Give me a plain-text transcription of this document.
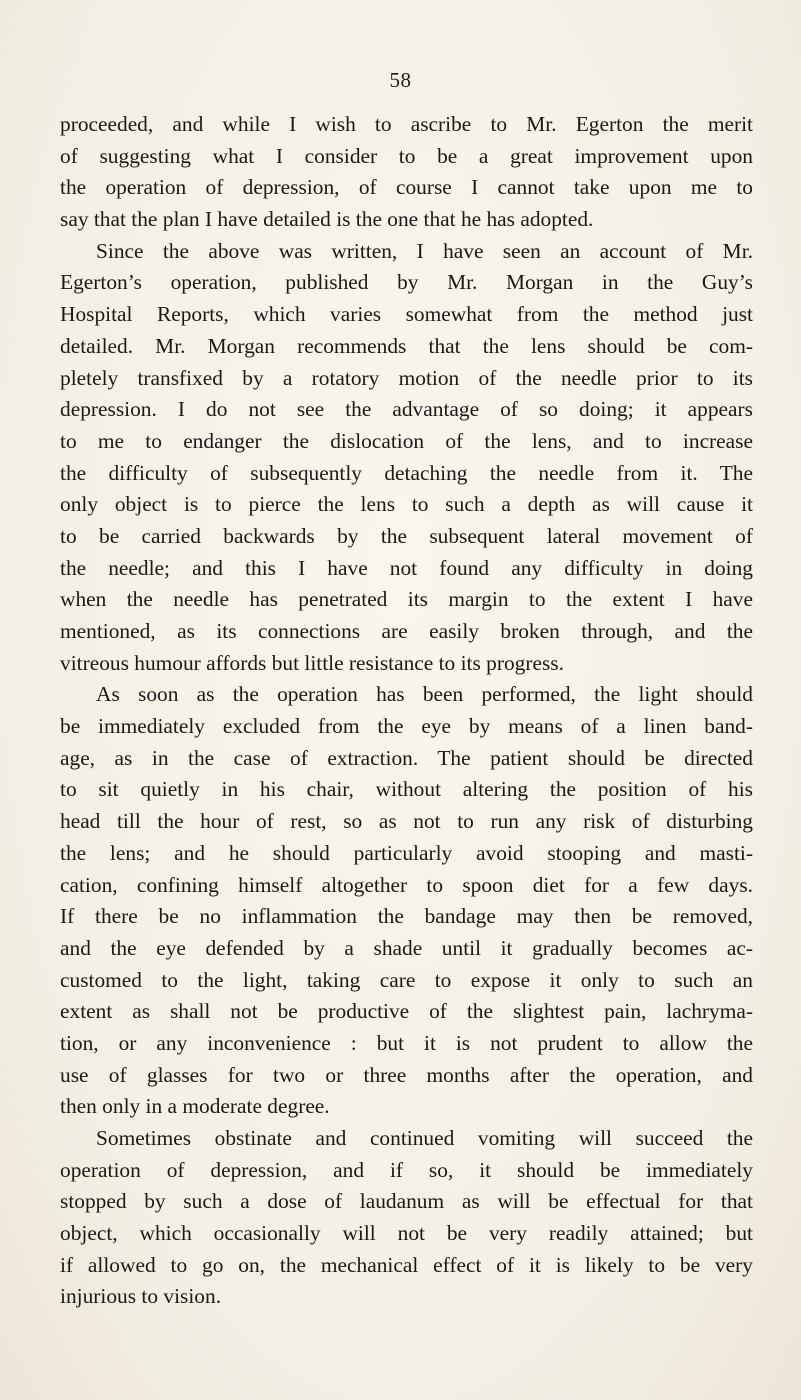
58
proceeded, and while I wish to ascribe to Mr. Egerton the merit
of suggesting what I consider to be a great improvement upon
the operation of depression, of course I cannot take upon me to
say that the plan I have detailed is the one that he has adopted.
Since the above was written, I have seen an account of Mr.
Egerton’s operation, published by Mr. Morgan in the Guy’s
Hospital Reports, which varies somewhat from the method just
detailed. Mr. Morgan recommends that the lens should be com-
pletely transfixed by a rotatory motion of the needle prior to its
depression. I do not see the advantage of so doing; it appears
to me to endanger the dislocation of the lens, and to increase
the difficulty of subsequently detaching the needle from it. The
only object is to pierce the lens to such a depth as will cause it
to be carried backwards by the subsequent lateral movement of
the needle; and this I have not found any difficulty in doing
when the needle has penetrated its margin to the extent I have
mentioned, as its connections are easily broken through, and the
vitreous humour affords but little resistance to its progress.
As soon as the operation has been performed, the light should
be immediately excluded from the eye by means of a linen band-
age, as in the case of extraction. The patient should be directed
to sit quietly in his chair, without altering the position of his
head till the hour of rest, so as not to run any risk of disturbing
the lens; and he should particularly avoid stooping and masti-
cation, confining himself altogether to spoon diet for a few days.
If there be no inflammation the bandage may then be removed,
and the eye defended by a shade until it gradually becomes ac-
customed to the light, taking care to expose it only to such an
extent as shall not be productive of the slightest pain, lachryma-
tion, or any inconvenience : but it is not prudent to allow the
use of glasses for two or three months after the operation, and
then only in a moderate degree.
Sometimes obstinate and continued vomiting will succeed the
operation of depression, and if so, it should be immediately
stopped by such a dose of laudanum as will be effectual for that
object, which occasionally will not be very readily attained; but
if allowed to go on, the mechanical effect of it is likely to be very
injurious to vision.
